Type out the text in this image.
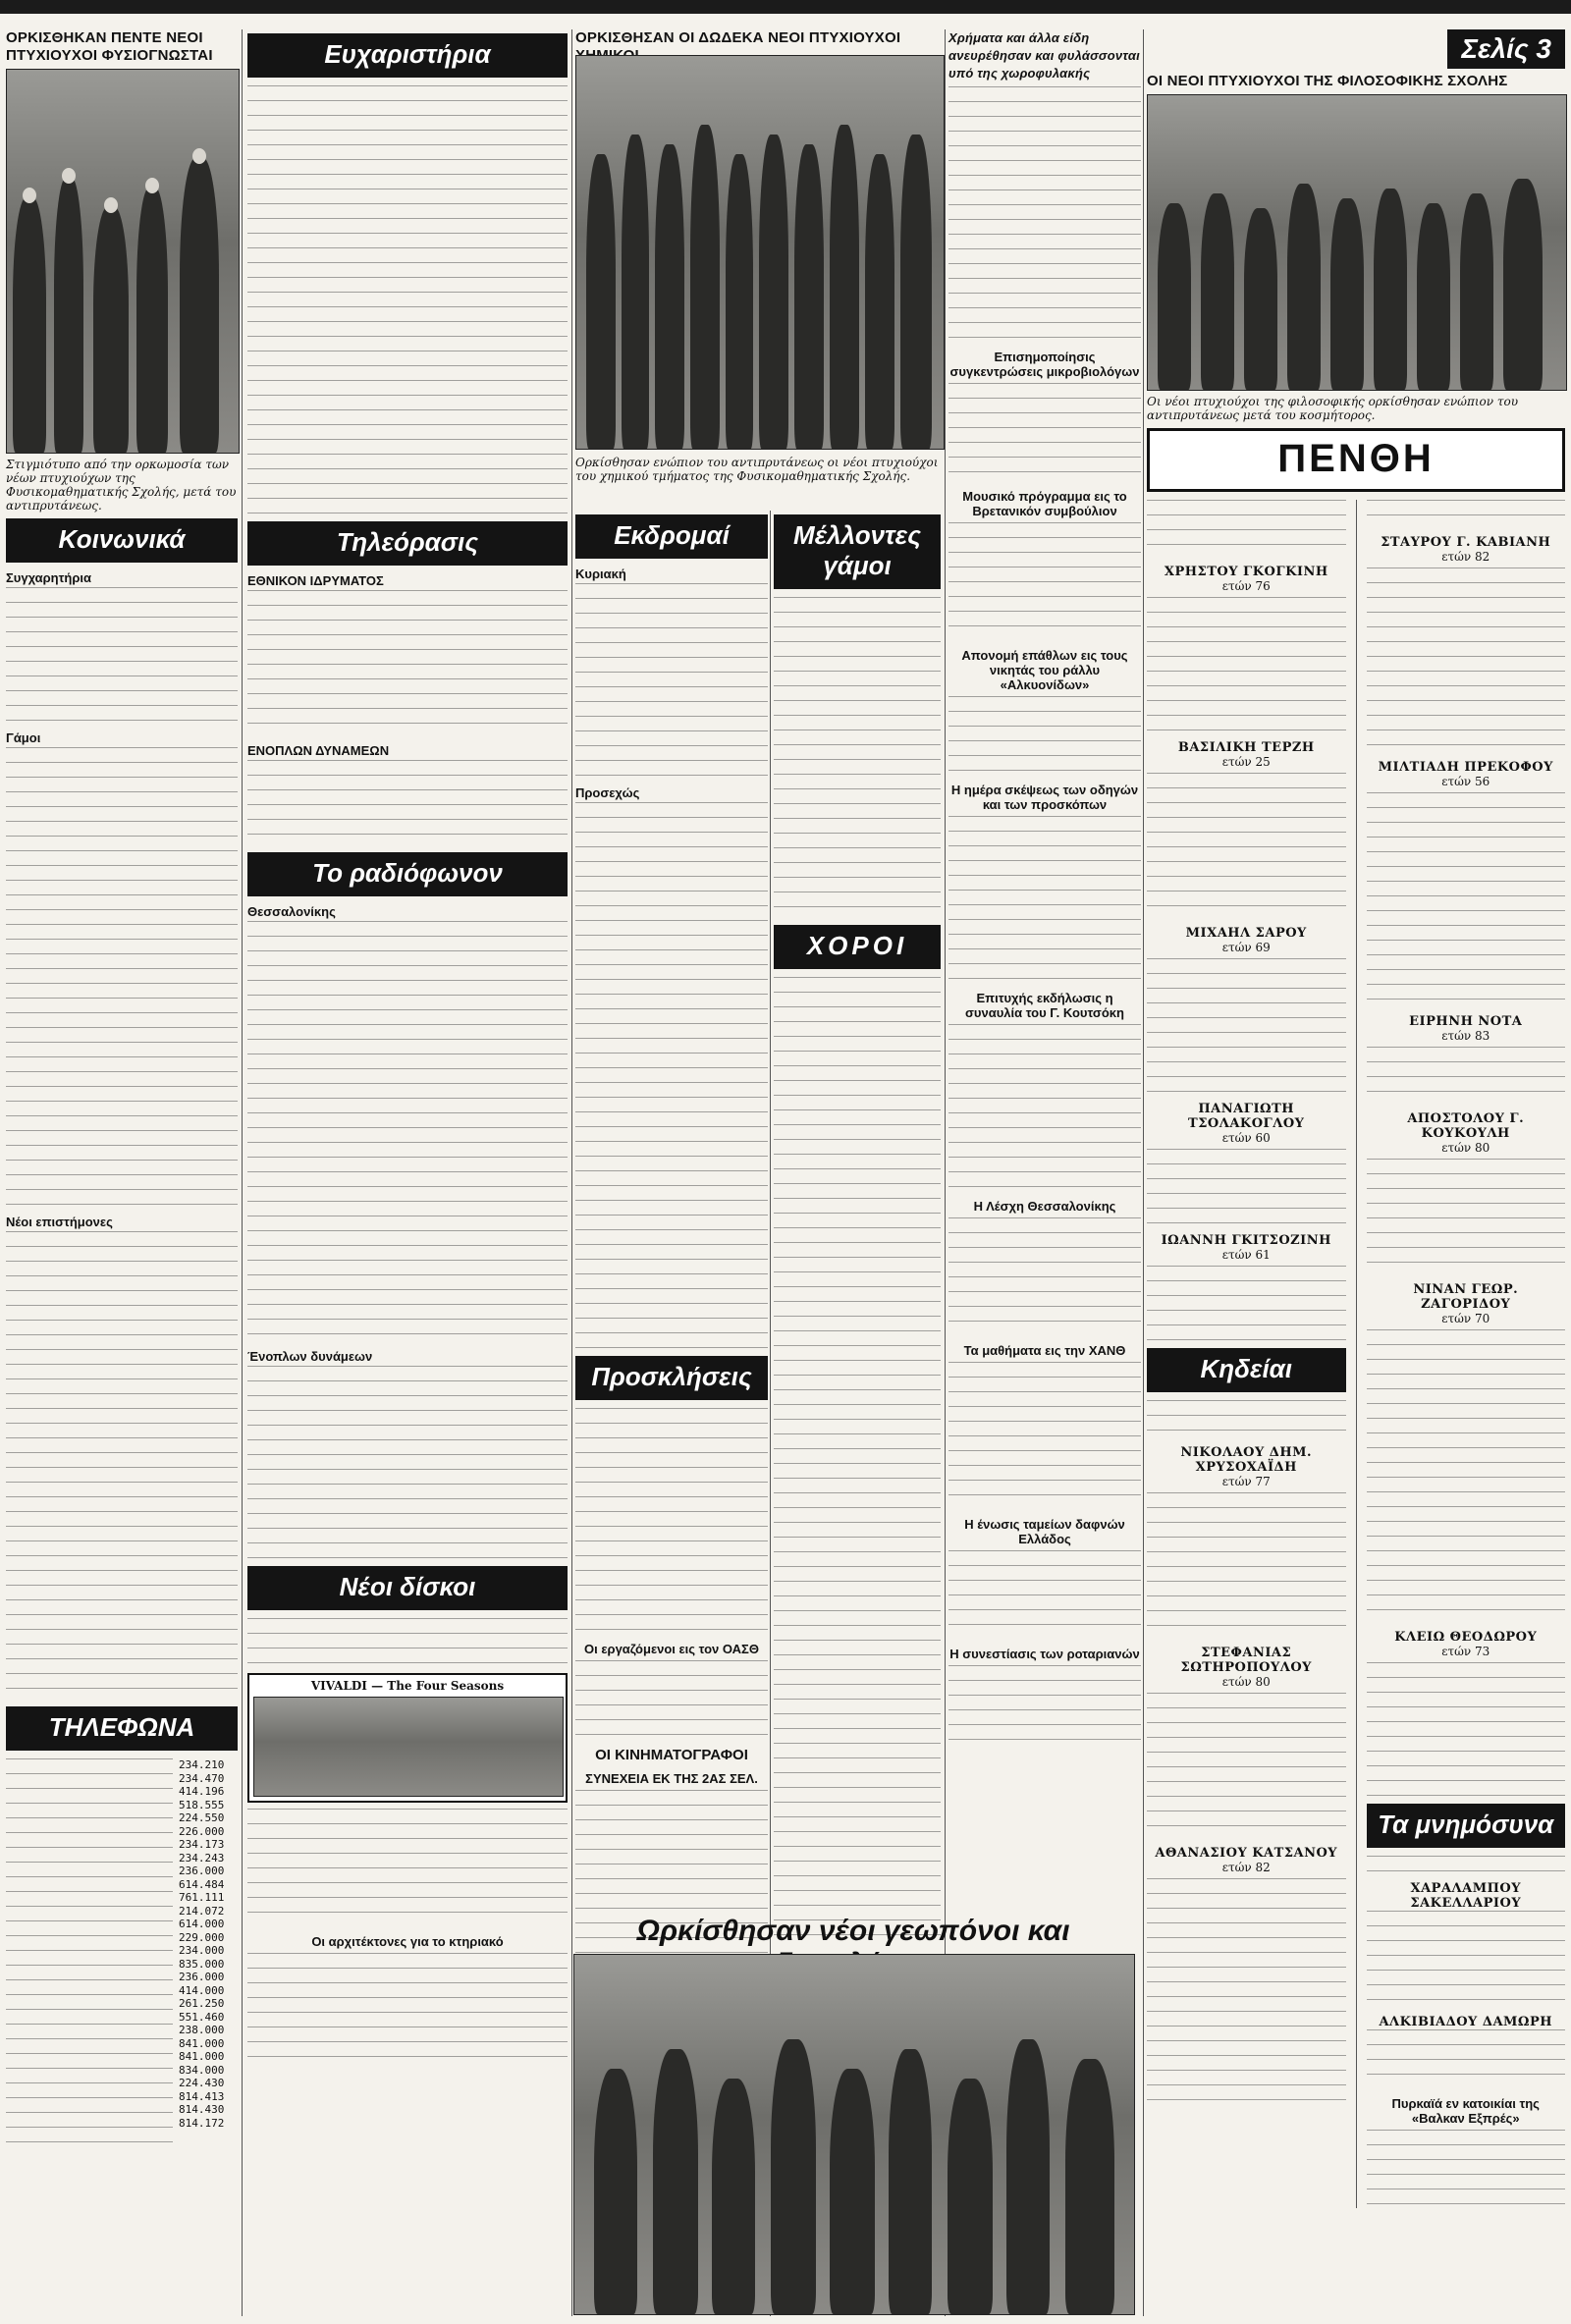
ΟΡΚΙΣΘΗΚΑΝ ΠΕΝΤΕ ΝΕΟΙ ΠΤΥΧΙΟΥΧΟΙ ΦΥΣΙΟΓΝΩΣΤΑΙ
Στιγμιότυπο από την ορκωμοσία των νέων πτυχιούχων της Φυσικομαθηματικής Σχολής, μετά του αντιπρυτάνεως.
Κοινωνικά
Συγχαρητήρια
Γάμοι
Νέοι επιστήμονες
ΤΗΛΕΦΩΝΑ
234.210
234.470
414.196
518.555
224.550
226.000
234.173
234.243
236.000
614.484
761.111
214.072
614.000
229.000
234.000
835.000
236.000
414.000
261.250
551.460
238.000
841.000
841.000
834.000
224.430
814.413
814.430
814.172
Ευχαριστήρια
Τηλεόρασις
ΕΘΝΙΚΟΝ ΙΔΡΥΜΑΤΟΣ
ΕΝΟΠΛΩΝ ΔΥΝΑΜΕΩΝ
Το ραδιόφωνον
Θεσσαλονίκης
Ένοπλων δυνάμεων
Νέοι δίσκοι
VIVALDI — The Four Seasons
Οι αρχιτέκτονες για το κτηριακό
ΟΡΚΙΣΘΗΣΑΝ ΟΙ ΔΩΔΕΚΑ ΝΕΟΙ ΠΤΥΧΙΟΥΧΟΙ
Ορκίσθησαν ενώπιον του αντιπρυτάνεως οι νέοι πτυχιούχοι του χημικού τμήματος της Φυσικομαθηματικής Σχολής.
Εκδρομαί
Κυριακή
Προσεχώς
Προσκλήσεις
Οι εργαζόμενοι εις τον ΟΑΣΘ
ΟΙ ΚΙΝΗΜΑΤΟΓΡΑΦΟΙ
ΣΥΝΕΧΕΙΑ ΕΚ ΤΗΣ 2ΑΣ ΣΕΛ.
Μέλλοντες γάμοι
ΧΟΡΟΙ
Ωρκίσθησαν νέοι γεωπόνοι και
Χρήματα και άλλα είδη ανευρέθησαν και φυλάσσονται υπό της χωροφυλακής
Επισημοποίησις συγκεντρώσεις μικροβιολόγων
Μουσικό πρόγραμμα εις το Βρετανικόν συμβούλιον
Απονομή επάθλων εις τους νικητάς του ράλλυ «Αλκυονίδων»
Η ημέρα σκέψεως των οδηγών και των προσκόπων
Επιτυχής εκδήλωσις η συναυλία του Γ. Κουτσόκη
Η Λέσχη Θεσσαλονίκης
Τα μαθήματα εις την ΧΑΝΘ
Η ένωσις ταμείων δαφνών Ελλάδος
Η συνεστίασις των ροταριανών
Σελίς 3
ΟΙ ΝΕΟΙ ΠΤΥΧΙΟΥΧΟΙ ΤΗΣ ΦΙΛΟΣΟΦΙΚΗΣ ΣΧΟΛΗΣ
Οι νέοι πτυχιούχοι της φιλοσοφικής ορκίσθησαν ενώπιον του αντιπρυτάνεως μετά του κοσμήτορος.
ΠΕΝΘΗ
ΧΡΗΣΤΟΥ ΓΚΟΓΚΙΝΗ
ετών 76
ΒΑΣΙΛΙΚΗ ΤΕΡΖΗ
ετών 25
ΜΙΧΑΗΛ ΣΑΡΟΥ
ετών 69
ΠΑΝΑΓΙΩΤΗ ΤΣΟΛΑΚΟΓΛΟΥ
ετών 60
ΙΩΑΝΝΗ ΓΚΙΤΣΟΖΙΝΗ
ετών 61
Κηδείαι
ΝΙΚΟΛΑΟΥ ΔΗΜ. ΧΡΥΣΟΧΑΪΔΗ
ετών 77
ΣΤΕΦΑΝΙΑΣ ΣΩΤΗΡΟΠΟΥΛΟΥ
ετών 80
ΑΘΑΝΑΣΙΟΥ ΚΑΤΣΑΝΟΥ
ετών 82
ΣΤΑΥΡΟΥ Γ. ΚΑΒΙΑΝΗ
ετών 82
ΜΙΛΤΙΑΔΗ ΠΡΕΚΟΦΟΥ
ετών 56
ΕΙΡΗΝΗ ΝΟΤΑ
ετών 83
ΑΠΟΣΤΟΛΟΥ Γ. ΚΟΥΚΟΥΛΗ
ετών 80
ΝΙΝΑΝ ΓΕΩΡ. ΖΑΓΟΡΙΔΟΥ
ετών 70
ΚΛΕΙΩ ΘΕΟΔΩΡΟΥ
ετών 73
Τα μνημόσυνα
ΧΑΡΑΛΑΜΠΟΥ ΣΑΚΕΛΛΑΡΙΟΥ
ΑΛΚΙΒΙΑΔΟΥ ΔΑΜΩΡΗ
Πυρκαϊά εν κατοικίαι της «Βαλκαν Εξπρές»
